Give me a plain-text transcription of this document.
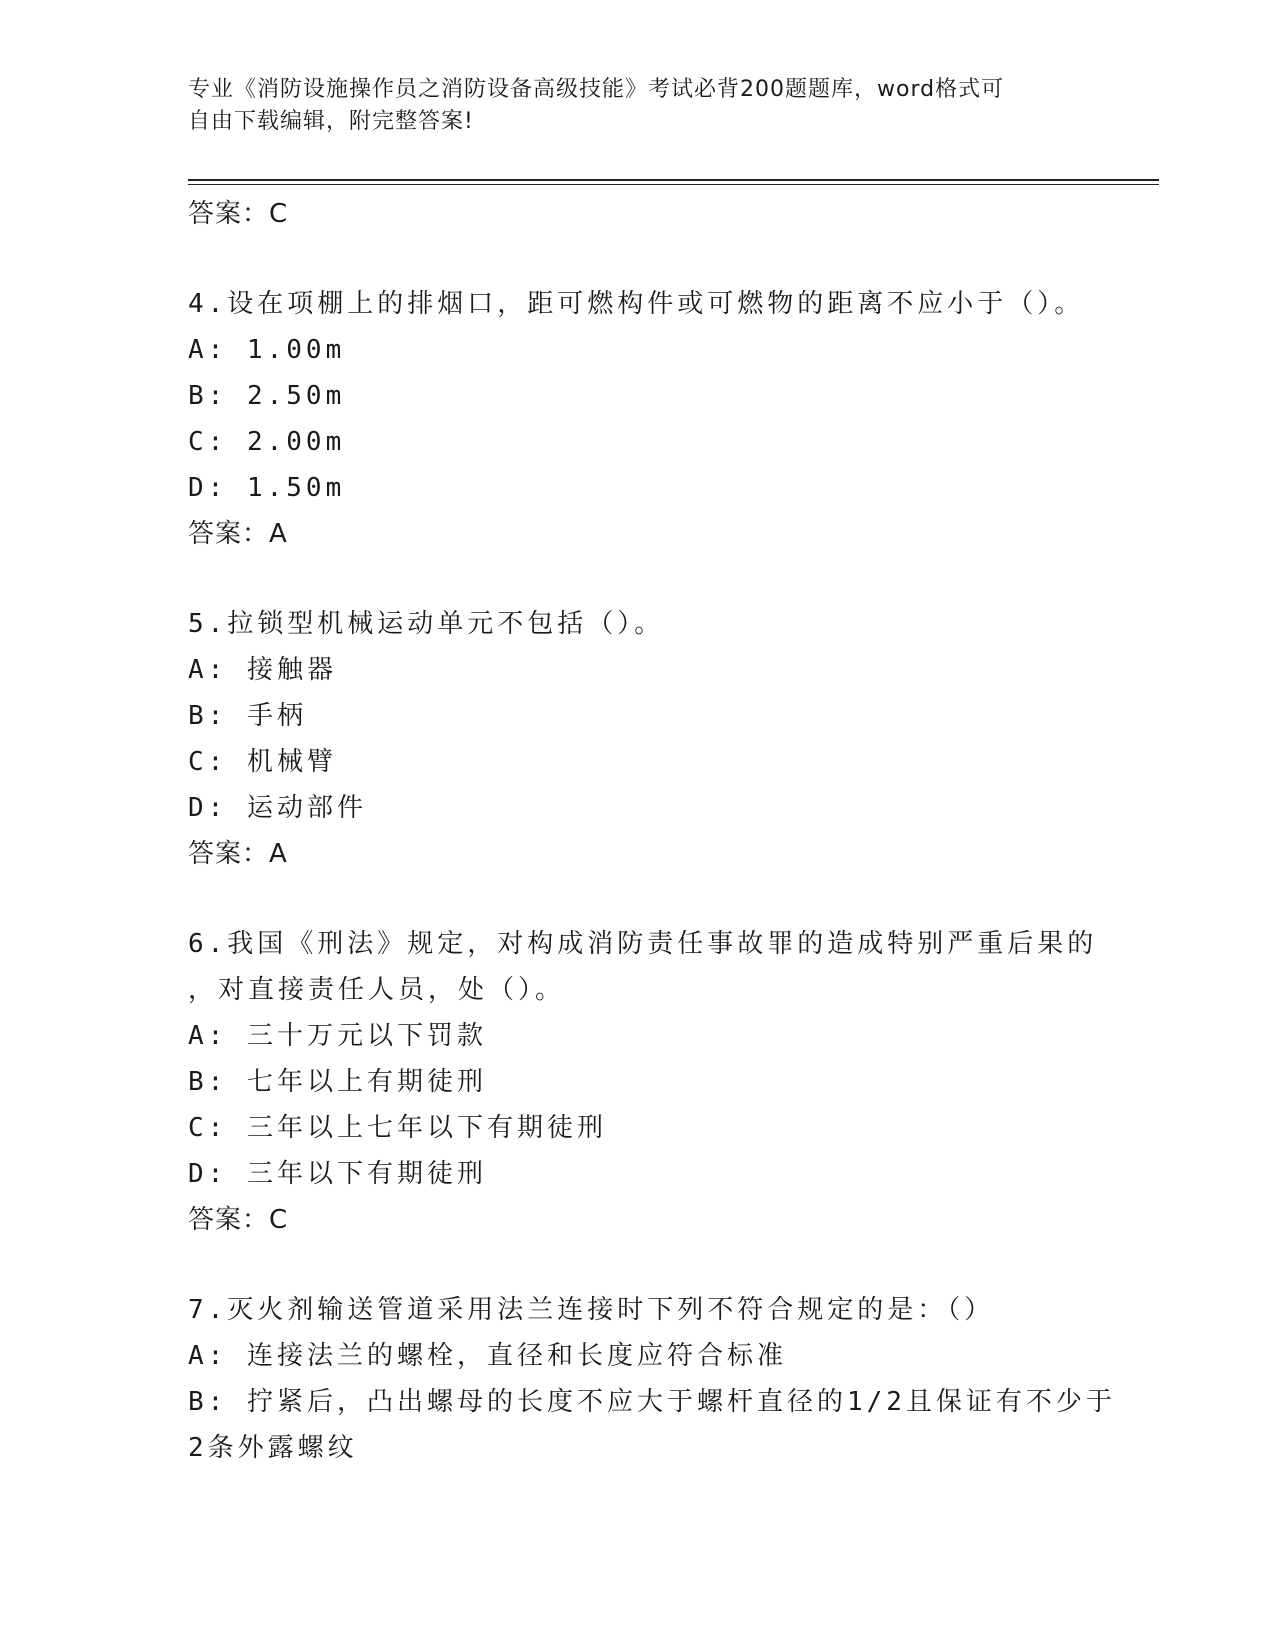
专业《消防设施操作员之消防设备高级技能》考试必背200题题库，word格式可
自由下载编辑，附完整答案!
答案：C
4.设在项棚上的排烟口，距可燃构件或可燃物的距离不应小于（）。
A: 1.00m
B: 2.50m
C: 2.00m
D: 1.50m
答案：A
5.拉锁型机械运动单元不包括（）。
A: 接触器
B: 手柄
C: 机械臂
D: 运动部件
答案：A
6.我国《刑法》规定，对构成消防责任事故罪的造成特别严重后果的
，对直接责任人员，处（）。
A: 三十万元以下罚款
B: 七年以上有期徒刑
C: 三年以上七年以下有期徒刑
D: 三年以下有期徒刑
答案：C
7.灭火剂输送管道采用法兰连接时下列不符合规定的是：（）
A: 连接法兰的螺栓，直径和长度应符合标准
B: 拧紧后，凸出螺母的长度不应大于螺杆直径的1/2且保证有不少于
2条外露螺纹
